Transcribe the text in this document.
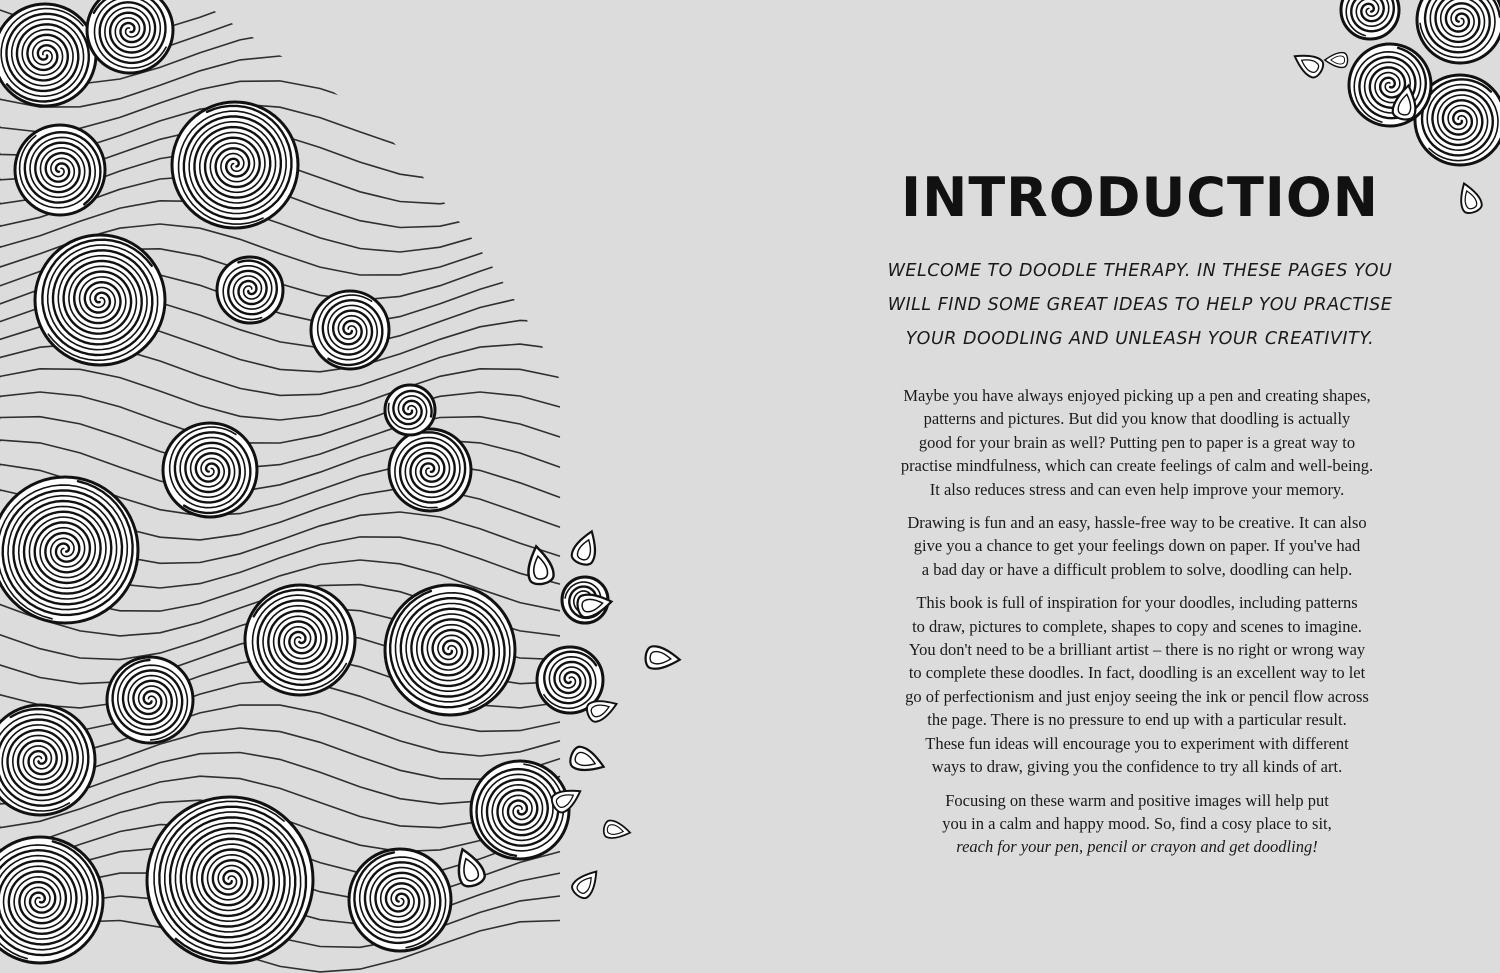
INTRODUCTION

WELCOME TO DOODLE THERAPY. IN THESE PAGES YOU
WILL FIND SOME GREAT IDEAS TO HELP YOU PRACTISE
YOUR DOODLING AND UNLEASH YOUR CREATIVITY.

Maybe you have always enjoyed picking up a pen and creating shapes,
patterns and pictures. But did you know that doodling is actually
good for your brain as well? Putting pen to paper is a great way to
practise mindfulness, which can create feelings of calm and well-being.
It also reduces stress and can even help improve your memory.

Drawing is fun and an easy, hassle-free way to be creative. It can also
give you a chance to get your feelings down on paper. If you've had
a bad day or have a difficult problem to solve, doodling can help.

This book is full of inspiration for your doodles, including patterns
to draw, pictures to complete, shapes to copy and scenes to imagine.
You don't need to be a brilliant artist – there is no right or wrong way
to complete these doodles. In fact, doodling is an excellent way to let
go of perfectionism and just enjoy seeing the ink or pencil flow across
the page. There is no pressure to end up with a particular result.
These fun ideas will encourage you to experiment with different
ways to draw, giving you the confidence to try all kinds of art.

Focusing on these warm and positive images will help put
you in a calm and happy mood. So, find a cosy place to sit,
reach for your pen, pencil or crayon and get doodling!
